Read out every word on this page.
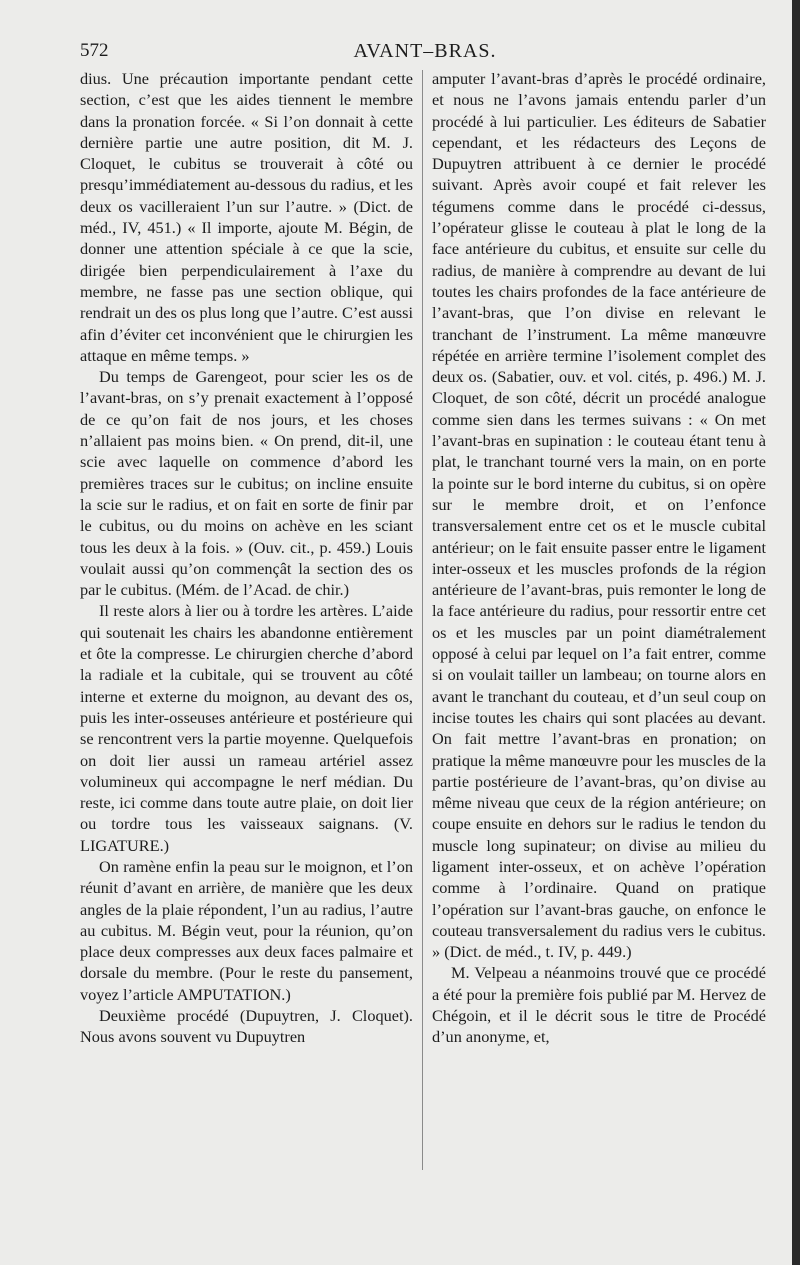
572	AVANT–BRAS.

dius. Une précaution importante pendant cette section, c’est que les aides tiennent le membre dans la pronation forcée. « Si l’on donnait à cette dernière partie une autre position, dit M. J. Cloquet, le cubitus se trouverait à côté ou presqu’immédiatement au-dessous du radius, et les deux os vacilleraient l’un sur l’autre. » (Dict. de méd., IV, 451.) « Il importe, ajoute M. Bégin, de donner une attention spéciale à ce que la scie, dirigée bien perpendiculairement à l’axe du membre, ne fasse pas une section oblique, qui rendrait un des os plus long que l’autre. C’est aussi afin d’éviter cet inconvénient que le chirurgien les attaque en même temps. »

Du temps de Garengeot, pour scier les os de l’avant-bras, on s’y prenait exactement à l’opposé de ce qu’on fait de nos jours, et les choses n’allaient pas moins bien. « On prend, dit-il, une scie avec laquelle on commence d’abord les premières traces sur le cubitus; on incline ensuite la scie sur le radius, et on fait en sorte de finir par le cubitus, ou du moins on achève en les sciant tous les deux à la fois. » (Ouv. cit., p. 459.) Louis voulait aussi qu’on commençât la section des os par le cubitus. (Mém. de l’Acad. de chir.)

Il reste alors à lier ou à tordre les artères. L’aide qui soutenait les chairs les abandonne entièrement et ôte la compresse. Le chirurgien cherche d’abord la radiale et la cubitale, qui se trouvent au côté interne et externe du moignon, au devant des os, puis les inter-osseuses antérieure et postérieure qui se rencontrent vers la partie moyenne. Quelquefois on doit lier aussi un rameau artériel assez volumineux qui accompagne le nerf médian. Du reste, ici comme dans toute autre plaie, on doit lier ou tordre tous les vaisseaux saignans. (V. LIGATURE.)

On ramène enfin la peau sur le moignon, et l’on réunit d’avant en arrière, de manière que les deux angles de la plaie répondent, l’un au radius, l’autre au cubitus. M. Bégin veut, pour la réunion, qu’on place deux compresses aux deux faces palmaire et dorsale du membre. (Pour le reste du pansement, voyez l’article AMPUTATION.)

Deuxième procédé (Dupuytren, J. Cloquet). Nous avons souvent vu Dupuytren

amputer l’avant-bras d’après le procédé ordinaire, et nous ne l’avons jamais entendu parler d’un procédé à lui particulier. Les éditeurs de Sabatier cependant, et les rédacteurs des Leçons de Dupuytren attribuent à ce dernier le procédé suivant. Après avoir coupé et fait relever les tégumens comme dans le procédé ci-dessus, l’opérateur glisse le couteau à plat le long de la face antérieure du cubitus, et ensuite sur celle du radius, de manière à comprendre au devant de lui toutes les chairs profondes de la face antérieure de l’avant-bras, que l’on divise en relevant le tranchant de l’instrument. La même manœuvre répétée en arrière termine l’isolement complet des deux os. (Sabatier, ouv. et vol. cités, p. 496.) M. J. Cloquet, de son côté, décrit un procédé analogue comme sien dans les termes suivans : « On met l’avant-bras en supination : le couteau étant tenu à plat, le tranchant tourné vers la main, on en porte la pointe sur le bord interne du cubitus, si on opère sur le membre droit, et on l’enfonce transversalement entre cet os et le muscle cubital antérieur; on le fait ensuite passer entre le ligament inter-osseux et les muscles profonds de la région antérieure de l’avant-bras, puis remonter le long de la face antérieure du radius, pour ressortir entre cet os et les muscles par un point diamétralement opposé à celui par lequel on l’a fait entrer, comme si on voulait tailler un lambeau; on tourne alors en avant le tranchant du couteau, et d’un seul coup on incise toutes les chairs qui sont placées au devant. On fait mettre l’avant-bras en pronation; on pratique la même manœuvre pour les muscles de la partie postérieure de l’avant-bras, qu’on divise au même niveau que ceux de la région antérieure; on coupe ensuite en dehors sur le radius le tendon du muscle long supinateur; on divise au milieu du ligament inter-osseux, et on achève l’opération comme à l’ordinaire. Quand on pratique l’opération sur l’avant-bras gauche, on enfonce le couteau transversalement du radius vers le cubitus. » (Dict. de méd., t. IV, p. 449.)

M. Velpeau a néanmoins trouvé que ce procédé a été pour la première fois publié par M. Hervez de Chégoin, et il le décrit sous le titre de Procédé d’un anonyme, et,
